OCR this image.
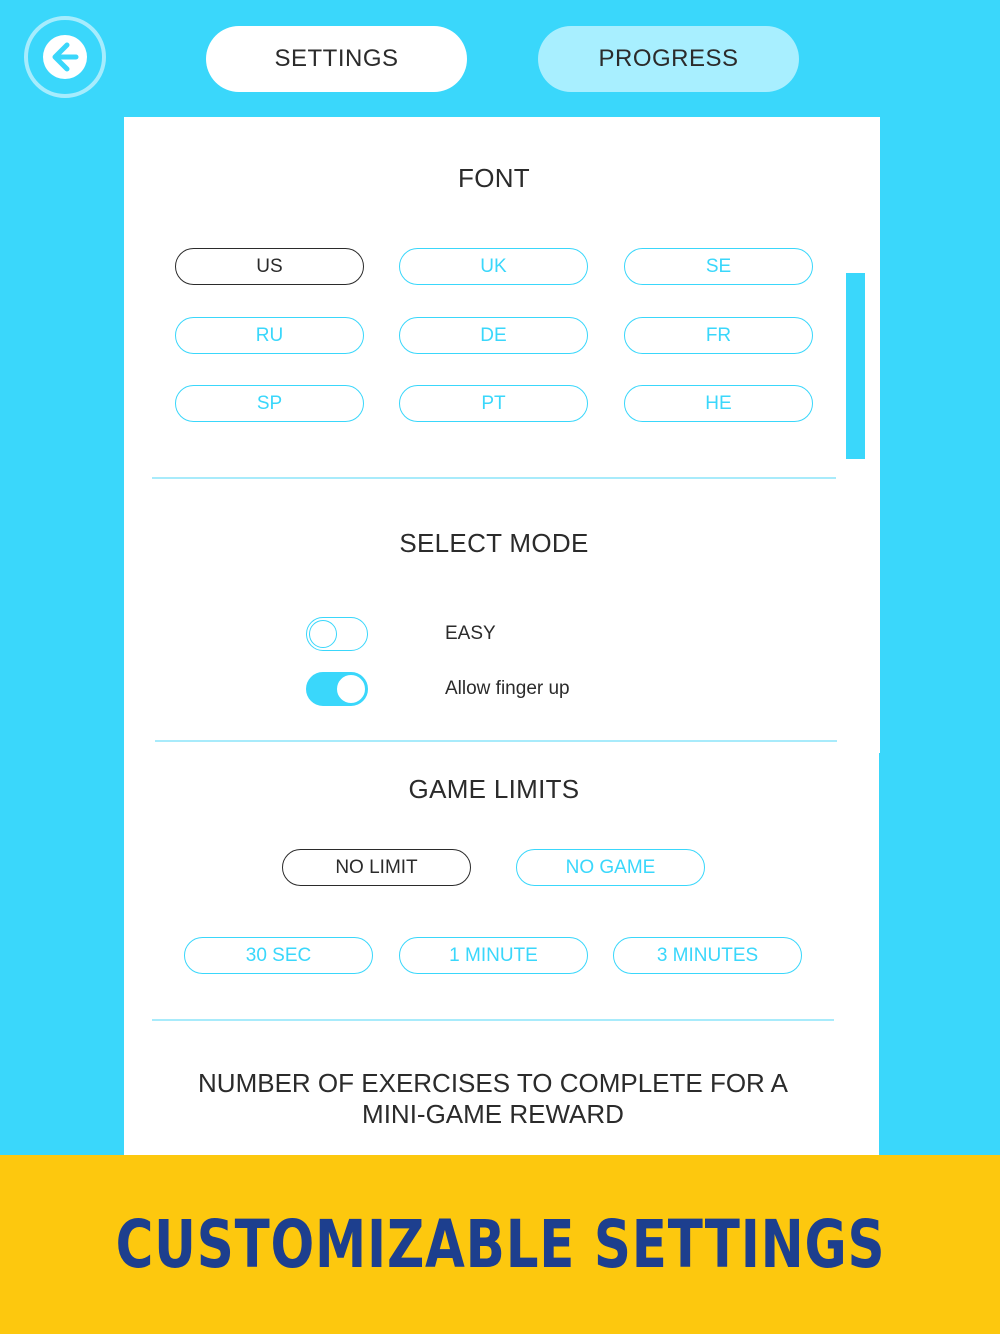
SETTINGS	PROGRESS
FONT
US	UK	SE
RU	DE	FR
SP	PT	HE
SELECT MODE
EASY
Allow finger up
GAME LIMITS
NO LIMIT	NO GAME
30 SEC	1 MINUTE	3 MINUTES
NUMBER OF EXERCISES TO COMPLETE FOR A
MINI-GAME REWARD
CUSTOMIZABLE SETTINGS
